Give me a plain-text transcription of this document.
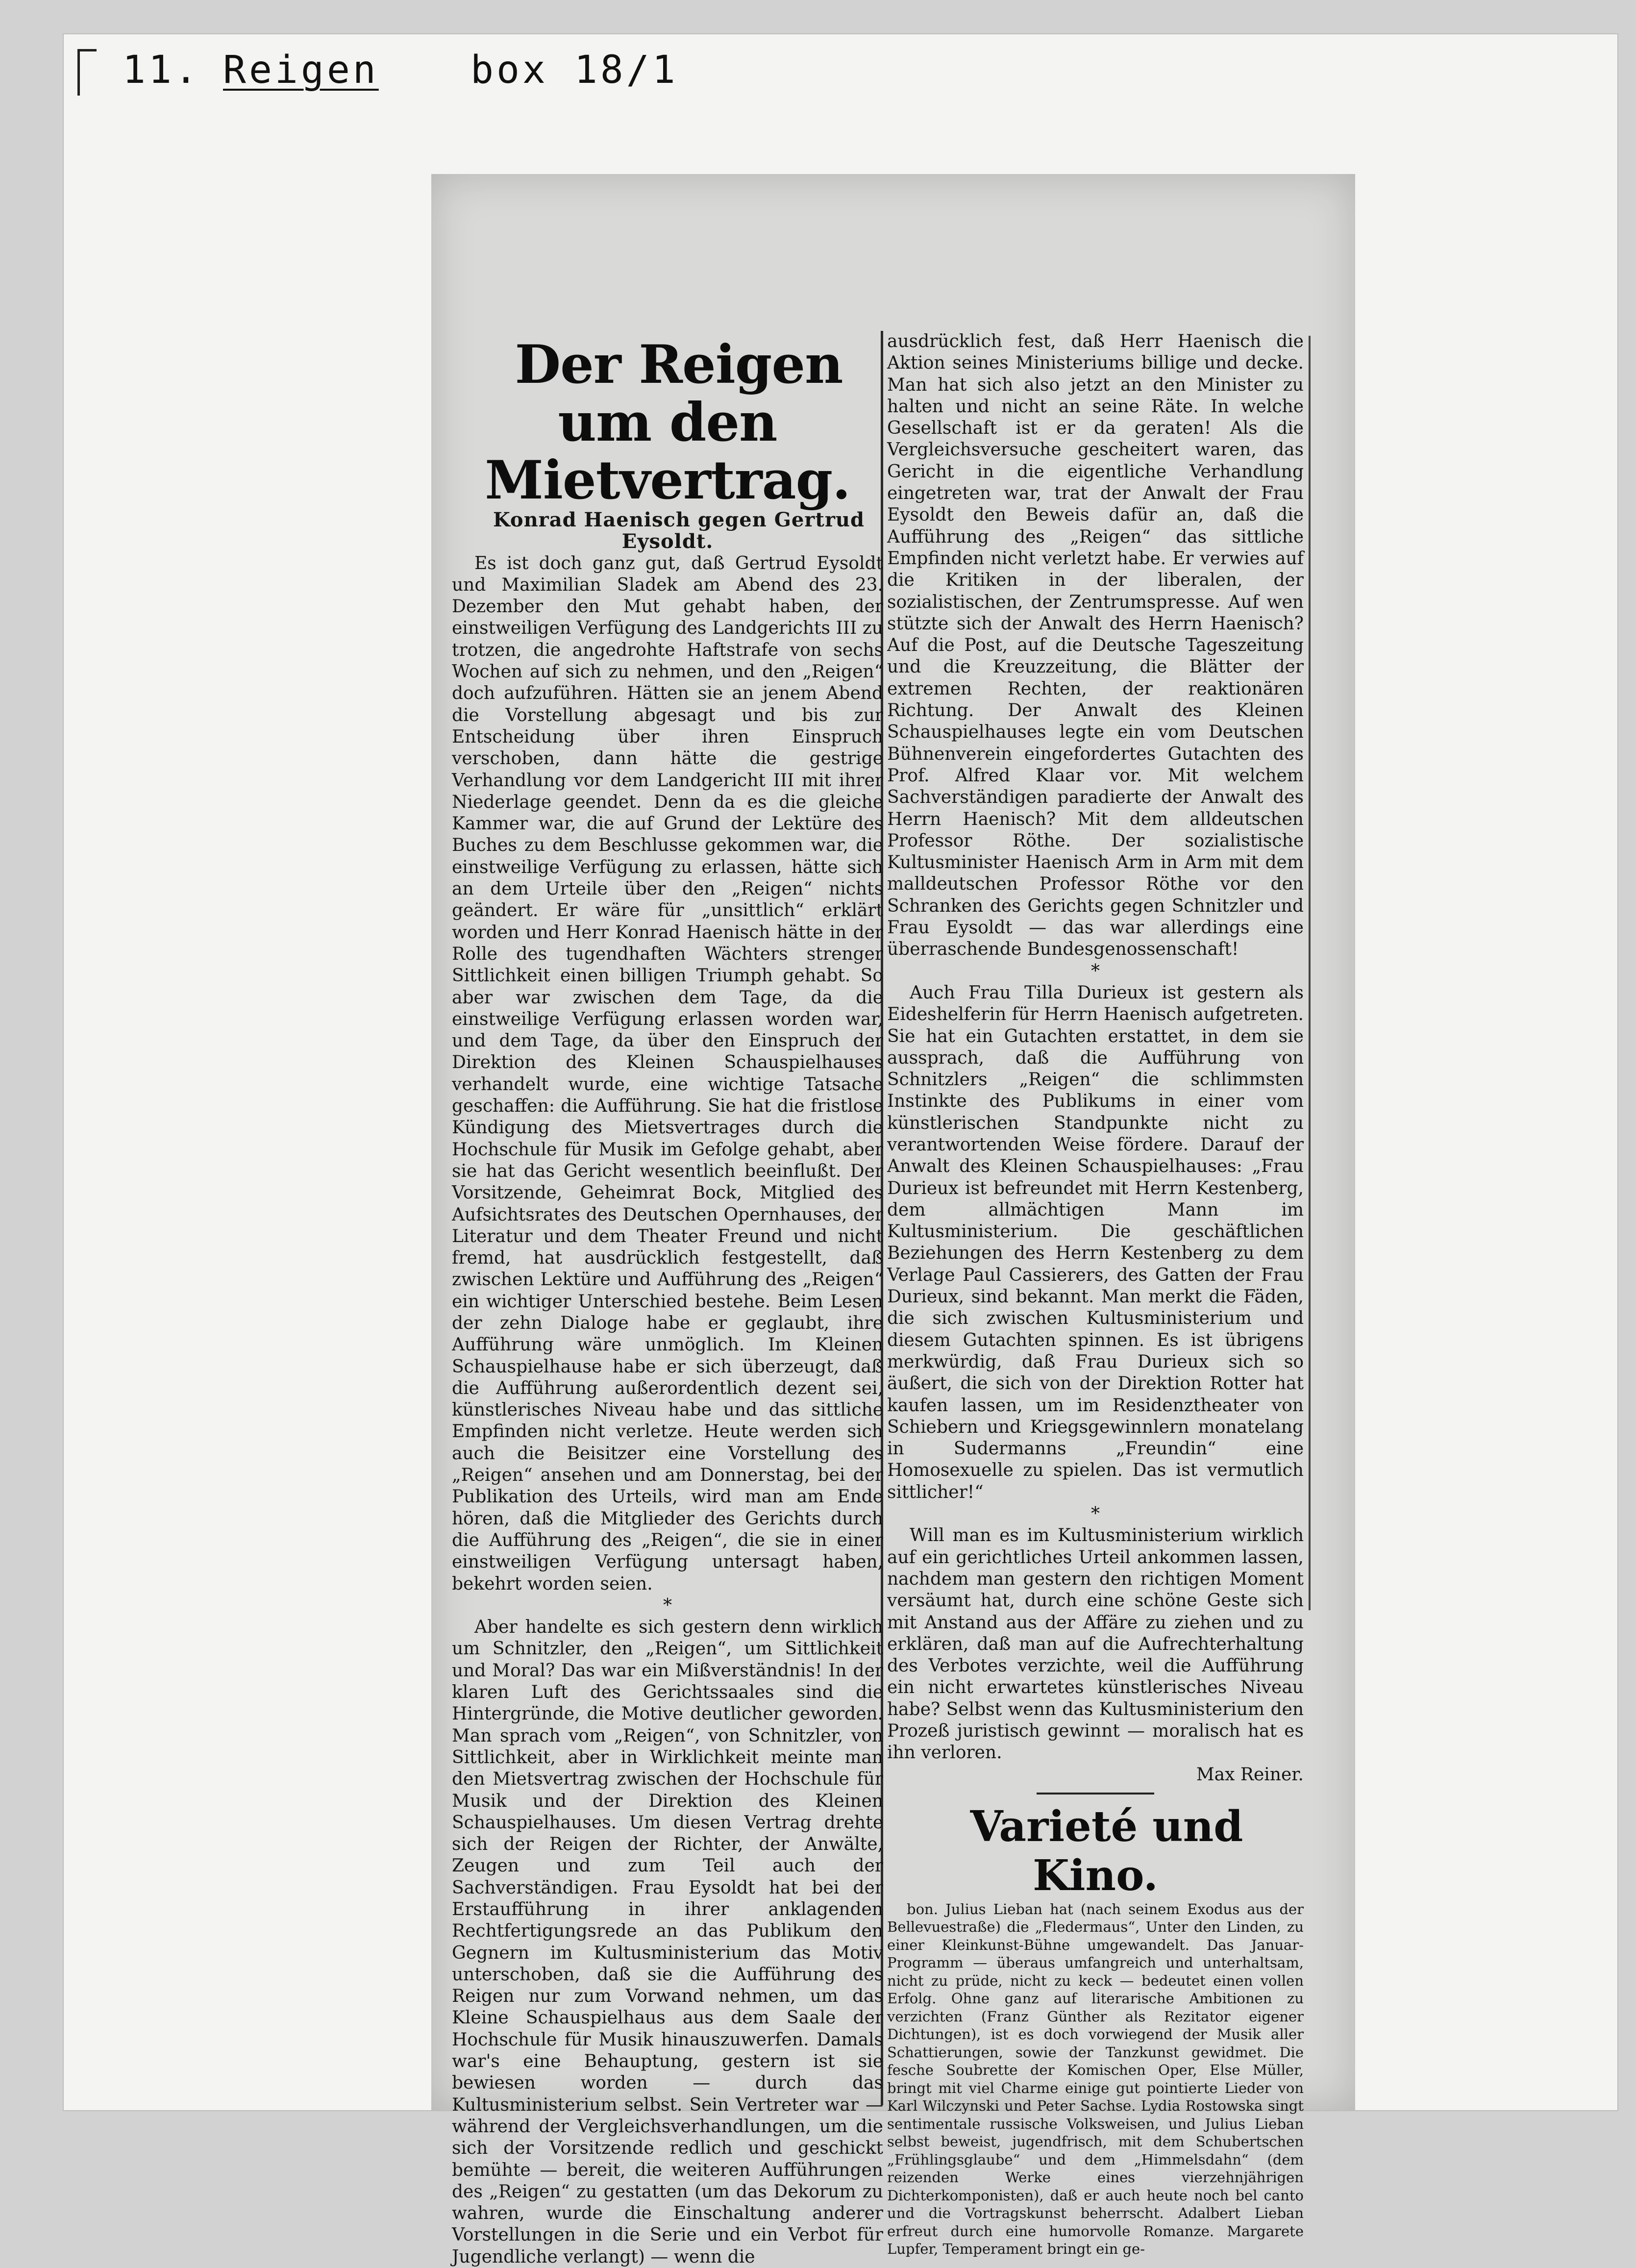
11. Reigen box 18/1

Der Reigen
um den Mietvertrag.

Konrad Haenisch gegen Gertrud Eysoldt.

Es ist doch ganz gut, daß Gertrud Eysoldt und Maximilian Sladek am Abend des 23. Dezember den Mut gehabt haben, der einstweiligen Verfügung des Landgerichts III zu trotzen, die angedrohte Haftstrafe von sechs Wochen auf sich zu nehmen, und den „Reigen“ doch aufzuführen. Hätten sie an jenem Abend die Vorstellung abgesagt und bis zur Entscheidung über ihren Einspruch verschoben, dann hätte die gestrige Verhandlung vor dem Landgericht III mit ihrer Niederlage geendet. Denn da es die gleiche Kammer war, die auf Grund der Lektüre des Buches zu dem Beschlusse gekommen war, die einstweilige Verfügung zu erlassen, hätte sich an dem Urteile über den „Reigen“ nichts geändert. Er wäre für „unsittlich“ erklärt worden und Herr Konrad Haenisch hätte in der Rolle des tugendhaften Wächters strenger Sittlichkeit einen billigen Triumph gehabt. So aber war zwischen dem Tage, da die einstweilige Verfügung erlassen worden war, und dem Tage, da über den Einspruch der Direktion des Kleinen Schauspielhauses verhandelt wurde, eine wichtige Tatsache geschaffen: die Aufführung. Sie hat die fristlose Kündigung des Mietsvertrages durch die Hochschule für Musik im Gefolge gehabt, aber sie hat das Gericht wesentlich beeinflußt. Der Vorsitzende, Geheimrat Bock, Mitglied des Aufsichtsrates des Deutschen Opernhauses, der Literatur und dem Theater Freund und nicht fremd, hat ausdrücklich festgestellt, daß zwischen Lektüre und Aufführung des „Reigen“ ein wichtiger Unterschied bestehe. Beim Lesen der zehn Dialoge habe er geglaubt, ihre Aufführung wäre unmöglich. Im Kleinen Schauspielhause habe er sich überzeugt, daß die Aufführung außerordentlich dezent sei, künstlerisches Niveau habe und das sittliche Empfinden nicht verletze. Heute werden sich auch die Beisitzer eine Vorstellung des „Reigen“ ansehen und am Donnerstag, bei der Publikation des Urteils, wird man am Ende hören, daß die Mitglieder des Gerichts durch die Aufführung des „Reigen“, die sie in einer einstweiligen Verfügung untersagt haben, bekehrt worden seien.

*

Aber handelte es sich gestern denn wirklich um Schnitzler, den „Reigen“, um Sittlichkeit und Moral? Das war ein Mißverständnis! In der klaren Luft des Gerichtssaales sind die Hintergründe, die Motive deutlicher geworden. Man sprach vom „Reigen“, von Schnitzler, von Sittlichkeit, aber in Wirklichkeit meinte man den Mietsvertrag zwischen der Hochschule für Musik und der Direktion des Kleinen Schauspielhauses. Um diesen Vertrag drehte sich der Reigen der Richter, der Anwälte, Zeugen und zum Teil auch der Sachverständigen. Frau Eysoldt hat bei der Erstaufführung in ihrer anklagenden Rechtfertigungsrede an das Publikum den Gegnern im Kultusministerium das Motiv unterschoben, daß sie die Aufführung des Reigen nur zum Vorwand nehmen, um das Kleine Schauspielhaus aus dem Saale der Hochschule für Musik hinauszuwerfen. Damals war's eine Behauptung, gestern ist sie bewiesen worden — durch das Kultusministerium selbst. Sein Vertreter war — während der Vergleichsverhandlungen, um die sich der Vorsitzende redlich und geschickt bemühte — bereit, die weiteren Aufführungen des „Reigen“ zu gestatten (um das Dekorum zu wahren, wurde die Einschaltung anderer Vorstellungen in die Serie und ein Verbot für Jugendliche verlangt) — wenn die

ausdrücklich fest, daß Herr Haenisch die Aktion seines Ministeriums billige und decke. Man hat sich also jetzt an den Minister zu halten und nicht an seine Räte. In welche Gesellschaft ist er da geraten! Als die Vergleichsversuche gescheitert waren, das Gericht in die eigentliche Verhandlung eingetreten war, trat der Anwalt der Frau Eysoldt den Beweis dafür an, daß die Aufführung des „Reigen“ das sittliche Empfinden nicht verletzt habe. Er verwies auf die Kritiken in der liberalen, der sozialistischen, der Zentrumspresse. Auf wen stützte sich der Anwalt des Herrn Haenisch? Auf die Post, auf die Deutsche Tageszeitung und die Kreuzzeitung, die Blätter der extremen Rechten, der reaktionären Richtung. Der Anwalt des Kleinen Schauspielhauses legte ein vom Deutschen Bühnenverein eingefordertes Gutachten des Prof. Alfred Klaar vor. Mit welchem Sachverständigen paradierte der Anwalt des Herrn Haenisch? Mit dem alldeutschen Professor Röthe. Der sozialistische Kultusminister Haenisch Arm in Arm mit dem malldeutschen Professor Röthe vor den Schranken des Gerichts gegen Schnitzler und Frau Eysoldt — das war allerdings eine überraschende Bundesgenossenschaft!

*

Auch Frau Tilla Durieux ist gestern als Eideshelferin für Herrn Haenisch aufgetreten. Sie hat ein Gutachten erstattet, in dem sie aussprach, daß die Aufführung von Schnitzlers „Reigen“ die schlimmsten Instinkte des Publikums in einer vom künstlerischen Standpunkte nicht zu verantwortenden Weise fördere. Darauf der Anwalt des Kleinen Schauspielhauses: „Frau Durieux ist befreundet mit Herrn Kestenberg, dem allmächtigen Mann im Kultusministerium. Die geschäftlichen Beziehungen des Herrn Kestenberg zu dem Verlage Paul Cassierers, des Gatten der Frau Durieux, sind bekannt. Man merkt die Fäden, die sich zwischen Kultusministerium und diesem Gutachten spinnen. Es ist übrigens merkwürdig, daß Frau Durieux sich so äußert, die sich von der Direktion Rotter hat kaufen lassen, um im Residenztheater von Schiebern und Kriegsgewinnlern monatelang in Sudermanns „Freundin“ eine Homosexuelle zu spielen. Das ist vermutlich sittlicher!“

*

Will man es im Kultusministerium wirklich auf ein gerichtliches Urteil ankommen lassen, nachdem man gestern den richtigen Moment versäumt hat, durch eine schöne Geste sich mit Anstand aus der Affäre zu ziehen und zu erklären, daß man auf die Aufrechterhaltung des Verbotes verzichte, weil die Aufführung ein nicht erwartetes künstlerisches Niveau habe? Selbst wenn das Kultusministerium den Prozeß juristisch gewinnt — moralisch hat es ihn verloren.

Max Reiner.

Varieté und Kino.

bon. Julius Lieban hat (nach seinem Exodus aus der Bellevuestraße) die „Fledermaus“, Unter den Linden, zu einer Kleinkunst-Bühne umgewandelt. Das Januar-Programm — überaus umfangreich und unterhaltsam, nicht zu prüde, nicht zu keck — bedeutet einen vollen Erfolg. Ohne ganz auf literarische Ambitionen zu verzichten (Franz Günther als Rezitator eigener Dichtungen), ist es doch vorwiegend der Musik aller Schattierungen, sowie der Tanzkunst gewidmet. Die fesche Soubrette der Komischen Oper, Else Müller, bringt mit viel Charme einige gut pointierte Lieder von Karl Wilczynski und Peter Sachse. Lydia Rostowska singt sentimentale russische Volksweisen, und Julius Lieban selbst beweist, jugendfrisch, mit dem Schubertschen „Frühlingsglaube“ und dem „Himmelsdahn“ (dem reizenden Werke eines vierzehnjährigen Dichterkomponisten), daß er auch heute noch bel canto und die Vortragskunst beherrscht. Adalbert Lieban erfreut durch eine humorvolle Romanze. Margarete Lupfer, Temperament bringt ein ge-
